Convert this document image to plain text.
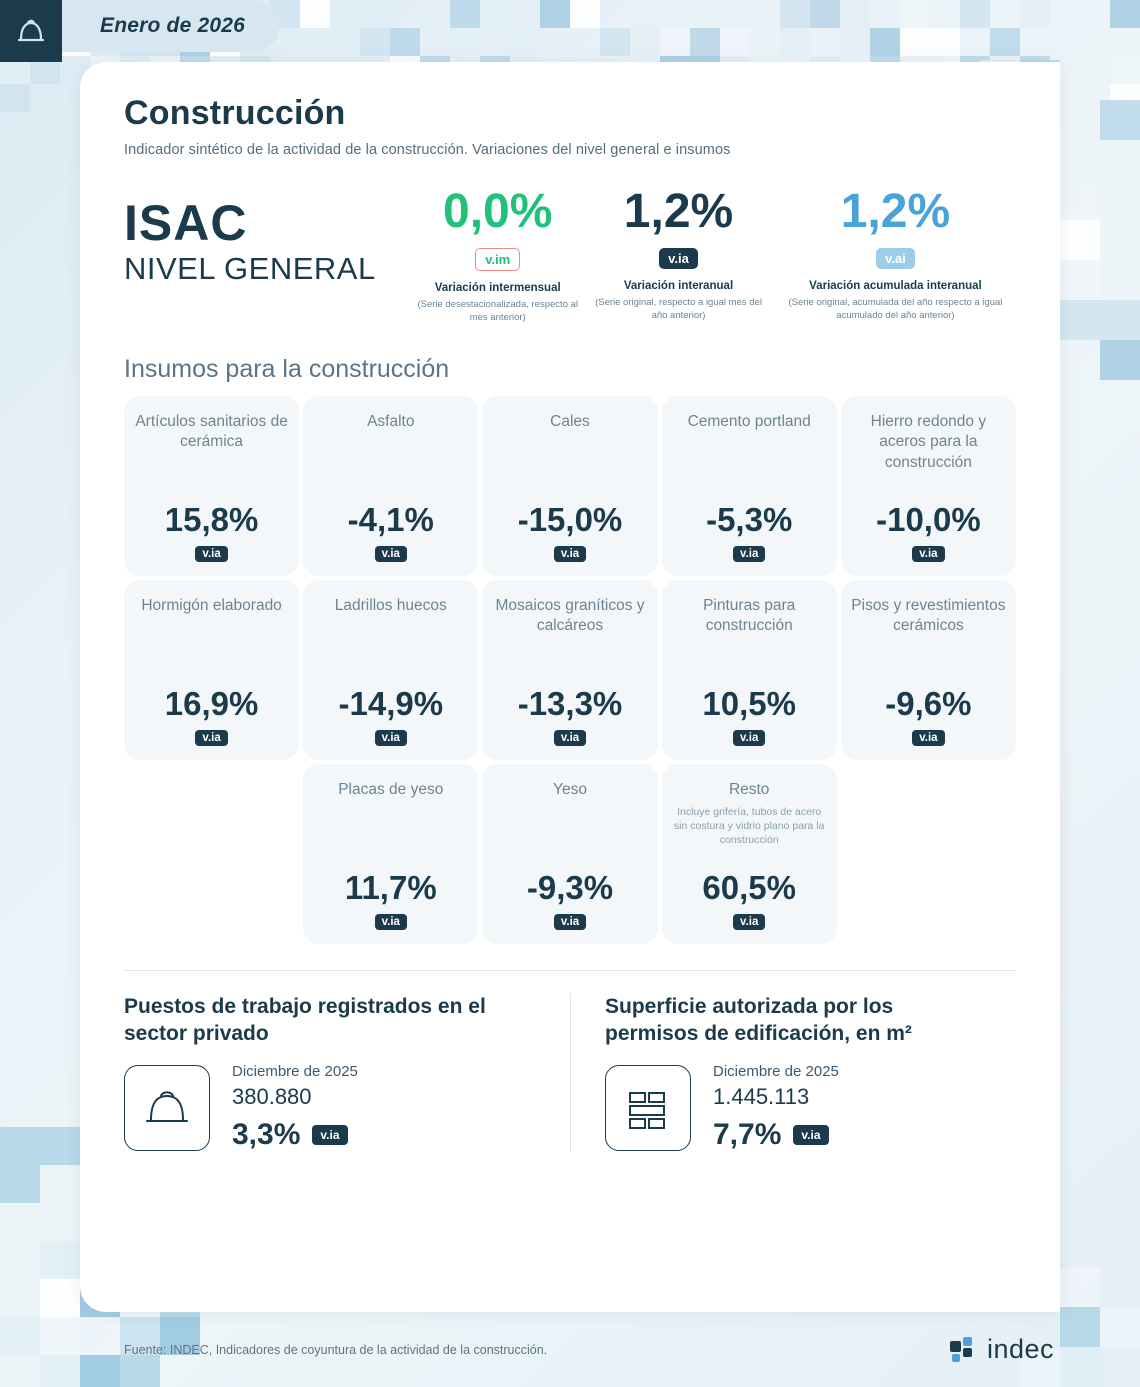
Enero de 2026
Construcción

Indicador sintético de la actividad de la construcción. Variaciones del nivel general e insumos

ISAC
NIVEL GENERAL
0,0%
v.im
Variación intermensual
(Serie desestacionalizada, respecto al mes anterior)
1,2%
v.ia
Variación interanual
(Serie original, respecto a igual mes del año anterior)
1,2%
v.ai
Variación acumulada interanual
(Serie original, acumulada del año respecto a igual acumulado del año anterior)
Insumos para la construcción
Artículos sanitarios de cerámica
15,8%
v.ia
Asfalto
-4,1%
v.ia
Cales
-15,0%
v.ia
Cemento portland
-5,3%
v.ia
Hierro redondo y aceros para la construcción
-10,0%
v.ia
Hormigón elaborado
16,9%
v.ia
Ladrillos huecos
-14,9%
v.ia
Mosaicos graníticos y calcáreos
-13,3%
v.ia
Pinturas para construcción
10,5%
v.ia
Pisos y revestimientos cerámicos
-9,6%
v.ia
Placas de yeso
11,7%
v.ia
Yeso
-9,3%
v.ia
Resto
Incluye grifería, tubos de acero sin costura y vidrio plano para la construcción
60,5%
v.ia
Puestos de trabajo registrados en el sector privado
Diciembre de 2025
380.880
3,3%	v.ia
Superficie autorizada por los permisos de edificación, en m²
Diciembre de 2025
1.445.113
7,7%	v.ia
Fuente: INDEC, Indicadores de coyuntura de la actividad de la construcción.	indec
